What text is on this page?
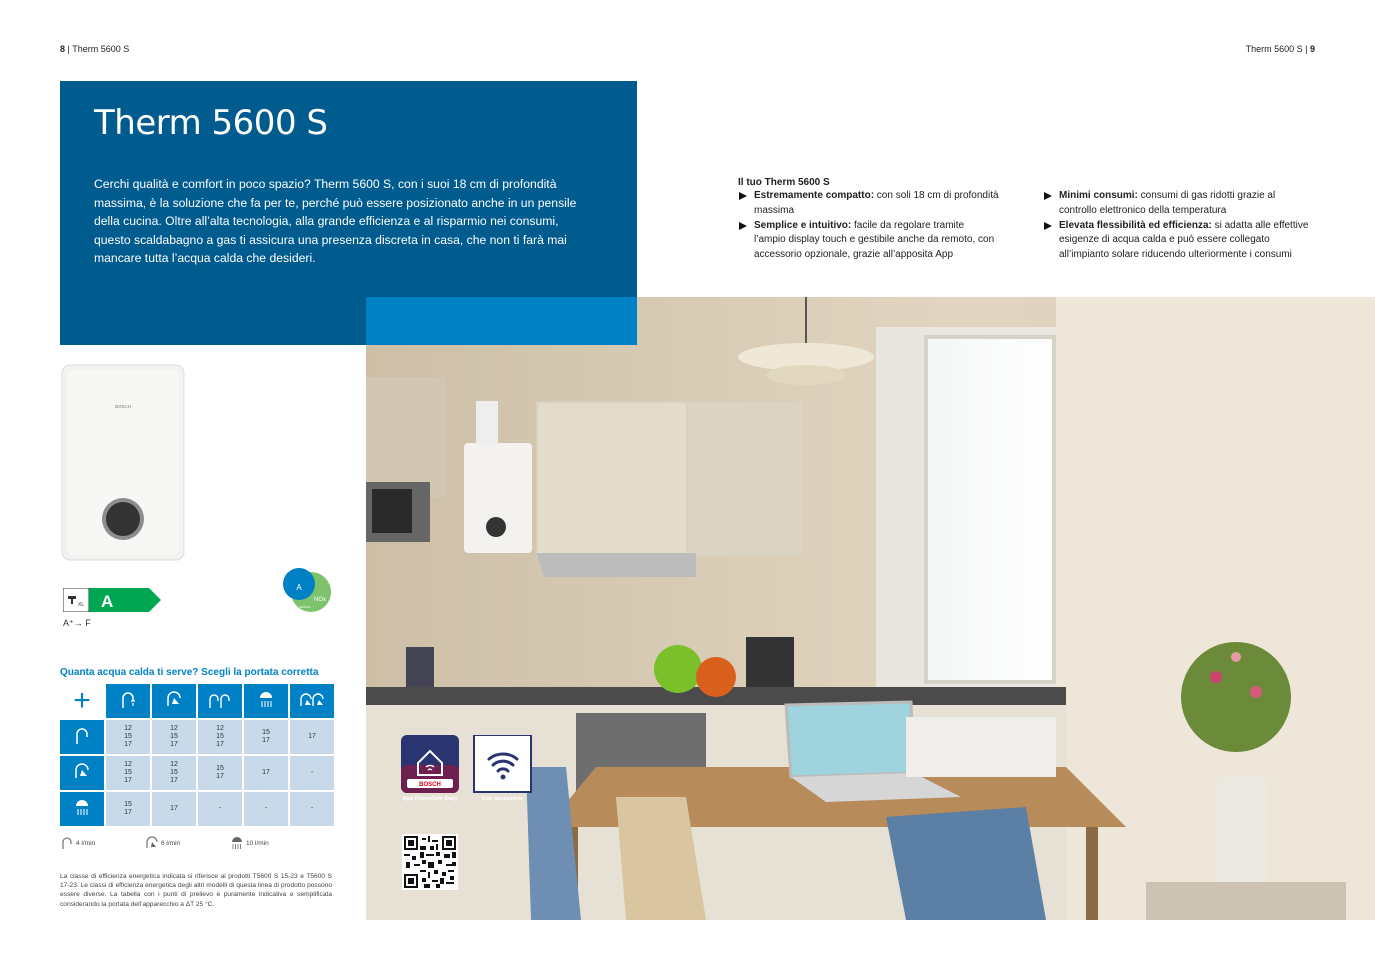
8 | Therm 5600 S	Therm 5600 S | 9
Therm 5600 S

Cerchi qualità e comfort in poco spazio? Therm 5600 S, con i suoi 18 cm di profondità massima, è la soluzione che fa per te, perché può essere posizionato anche in un pensile della cucina. Oltre all’alta tecnologia, alla grande efficienza e al risparmio nei consumi, questo scaldabagno a gas ti assicura una presenza discreta in casa, che non ti farà mai mancare tutta l’acqua calda che desideri.

Il tuo Therm 5600 S
Estremamente compatto: con soli 18 cm di profondità massima
Semplice e intuitivo: facile da regolare tramite l’ampio display touch e gestibile anche da remoto, con accessorio opzionale, grazie all’apposita App
Minimi consumi: consumi di gas ridotti grazie al controllo elettronico della temperatura
Elevata flessibilità ed efficienza: si adatta alle effettive esigenze di acqua calda e può essere collegato all’impianto solare riducendo ulteriormente i consumi
BOSCH
XL A
A⁺→ F
A
NOx
BOSCH
Quanta acqua calda ti serve? Scegli la portata corretta
+					
	12
15
17	12
15
17	12
15
17	15
17	17
	12
15
17	12
15
17	15
17	17	-
	15
17	17	-	-	-
4 l/min	6 l/min	10 l/min
La classe di efficienza energetica indicata si riferisce ai prodotti T5600 S 15-23 e T5600 S 17-23. Le classi di efficienza energetica degli altri modelli di questa linea di prodotto possono essere diverse. La tabella con i punti di prelievo è puramente indicativa e semplificata considerando la portata dell’apparecchio a ΔT 25 °C.
BOSCH
App HomeCom Easy	Con accessorio
